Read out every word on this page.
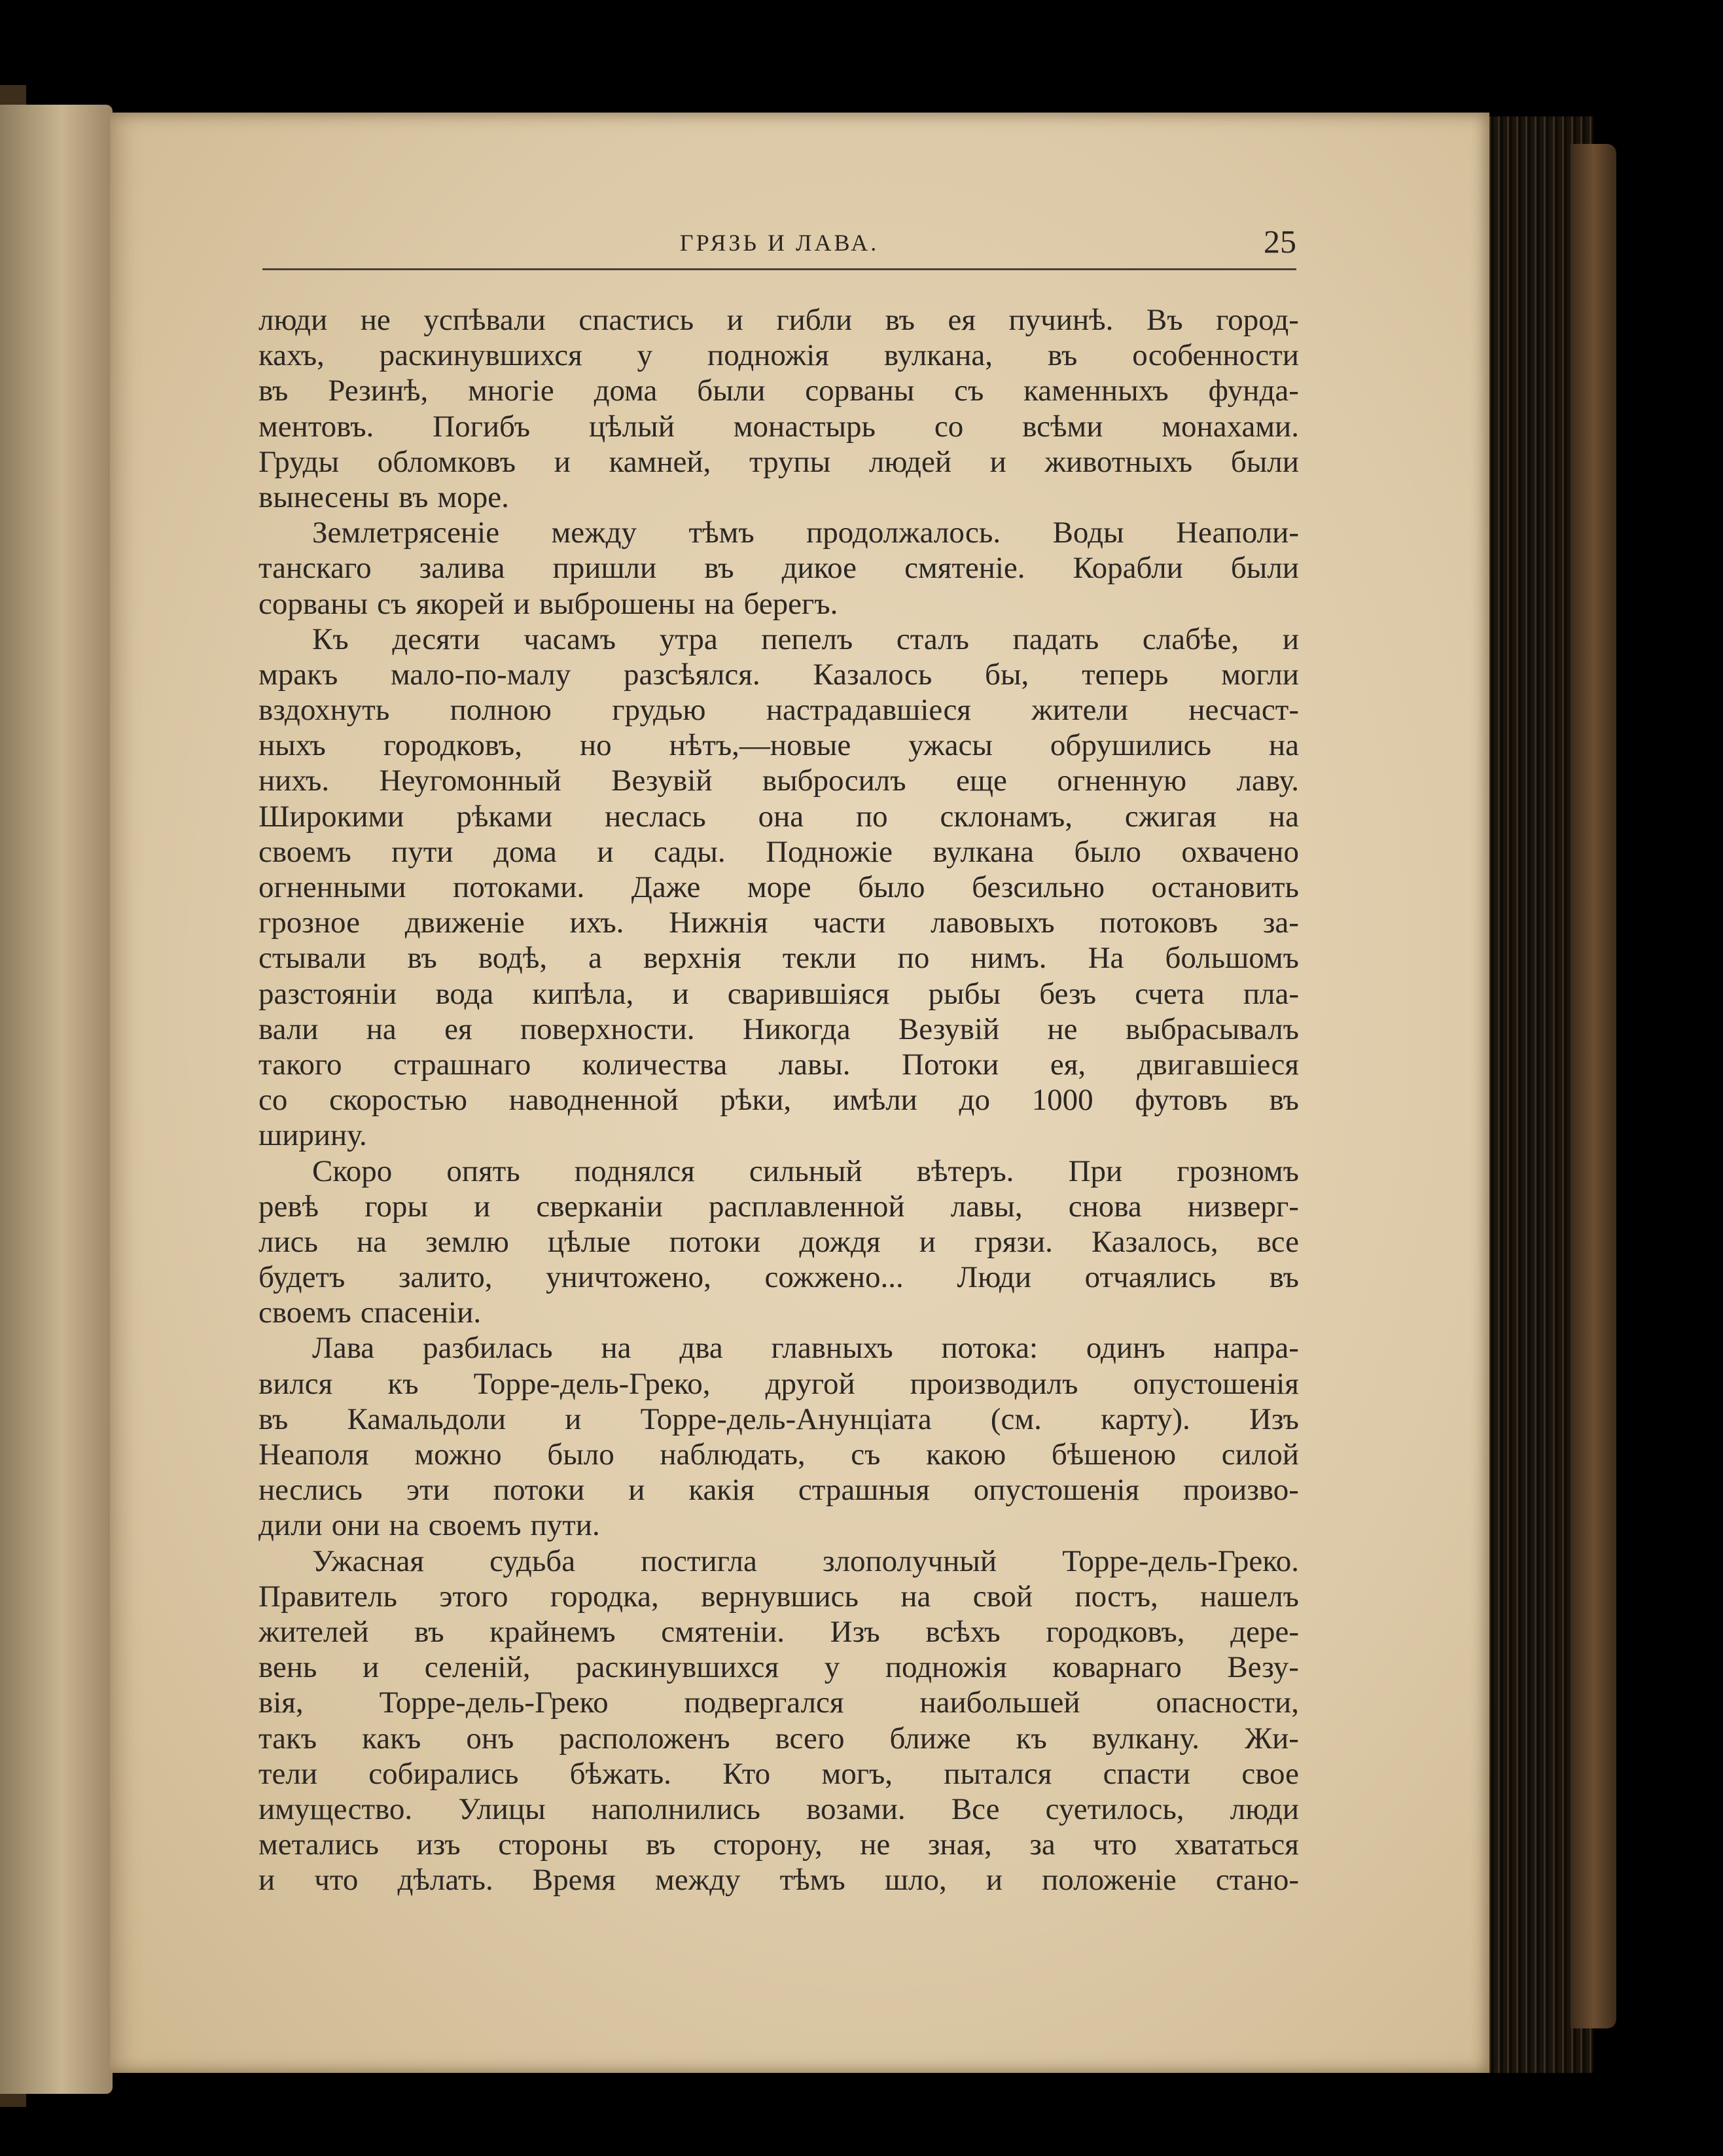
ГРЯЗЬ И ЛАВА.	25
люди не успѣвали спастись и гибли въ ея пучинѣ. Въ город-
кахъ, раскинувшихся у подножія вулкана, въ особенности
въ Резинѣ, многіе дома были сорваны съ каменныхъ фунда-
ментовъ. Погибъ цѣлый монастырь со всѣми монахами.
Груды обломковъ и камней, трупы людей и животныхъ были
вынесены въ море.
Землетрясеніе между тѣмъ продолжалось. Воды Неаполи-
танскаго залива пришли въ дикое смятеніе. Корабли были
сорваны съ якорей и выброшены на берегъ.
Къ десяти часамъ утра пепелъ сталъ падать слабѣе, и
мракъ мало-по-малу разсѣялся. Казалось бы, теперь могли
вздохнуть полною грудью настрадавшіеся жители несчаст-
ныхъ городковъ, но нѣтъ,—новые ужасы обрушились на
нихъ. Неугомонный Везувій выбросилъ еще огненную лаву.
Широкими рѣками неслась она по склонамъ, сжигая на
своемъ пути дома и сады. Подножіе вулкана было охвачено
огненными потоками. Даже море было безсильно остановить
грозное движеніе ихъ. Нижнія части лавовыхъ потоковъ за-
стывали въ водѣ, а верхнія текли по нимъ. На большомъ
разстояніи вода кипѣла, и сварившіяся рыбы безъ счета пла-
вали на ея поверхности. Никогда Везувій не выбрасывалъ
такого страшнаго количества лавы. Потоки ея, двигавшіеся
со скоростью наводненной рѣки, имѣли до 1000 футовъ въ
ширину.
Скоро опять поднялся сильный вѣтеръ. При грозномъ
ревѣ горы и сверканіи расплавленной лавы, снова низверг-
лись на землю цѣлые потоки дождя и грязи. Казалось, все
будетъ залито, уничтожено, сожжено... Люди отчаялись въ
своемъ спасеніи.
Лава разбилась на два главныхъ потока: одинъ напра-
вился къ Торре-дель-Греко, другой производилъ опустошенія
въ Камальдоли и Торре-дель-Анунціата (см. карту). Изъ
Неаполя можно было наблюдать, съ какою бѣшеною силой
неслись эти потоки и какія страшныя опустошенія произво-
дили они на своемъ пути.
Ужасная судьба постигла злополучный Торре-дель-Греко.
Правитель этого городка, вернувшись на свой постъ, нашелъ
жителей въ крайнемъ смятеніи. Изъ всѣхъ городковъ, дере-
вень и селеній, раскинувшихся у подножія коварнаго Везу-
вія, Торре-дель-Греко подвергался наибольшей опасности,
такъ какъ онъ расположенъ всего ближе къ вулкану. Жи-
тели собирались бѣжать. Кто могъ, пытался спасти свое
имущество. Улицы наполнились возами. Все суетилось, люди
метались изъ стороны въ сторону, не зная, за что хвататься
и что дѣлать. Время между тѣмъ шло, и положеніе стано-
